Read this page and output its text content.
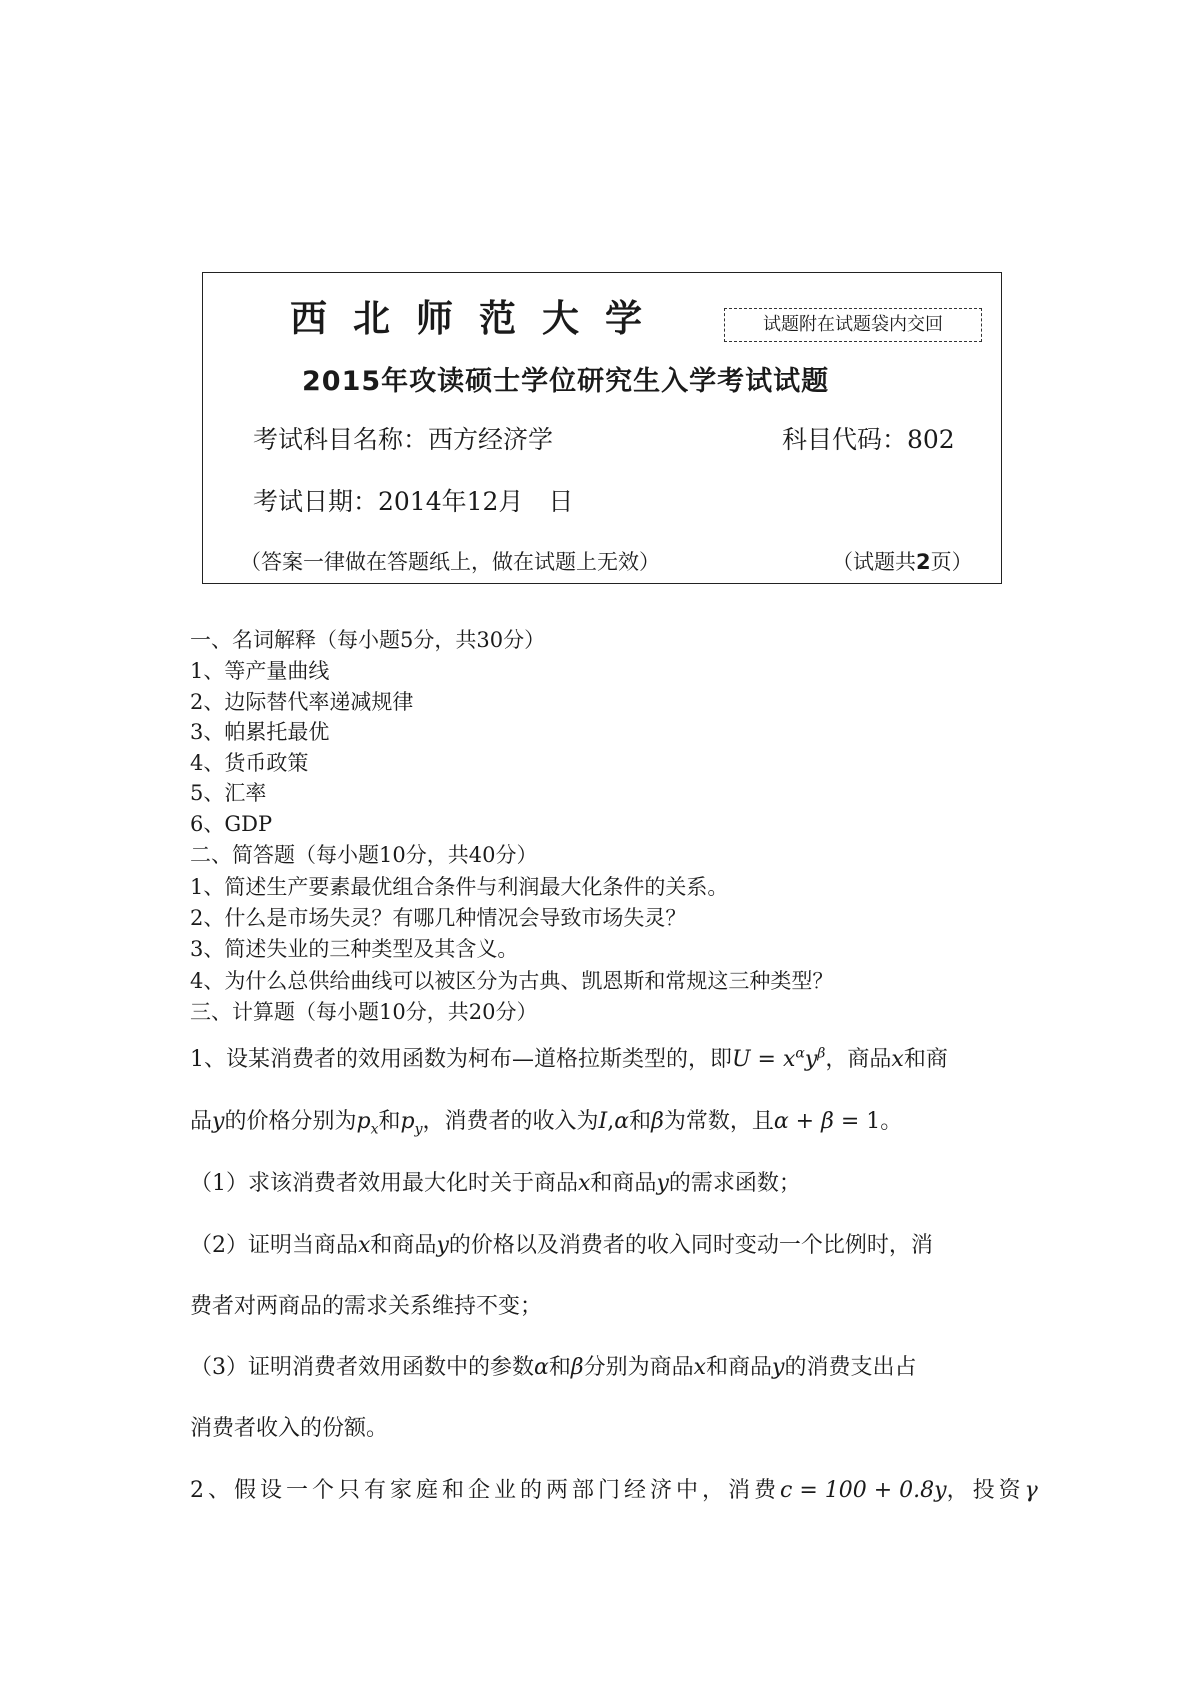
西北师范大学	试题附在试题袋内交回
2015年攻读硕士学位研究生入学考试试题
考试科目名称：西方经济学	科目代码：802
考试日期：2014年12月　日
（答案一律做在答题纸上，做在试题上无效）	（试题共2页）
一、名词解释（每小题5分，共30分）
1、等产量曲线
2、边际替代率递减规律
3、帕累托最优
4、货币政策
5、汇率
6、GDP
二、简答题（每小题10分，共40分）
1、简述生产要素最优组合条件与利润最大化条件的关系。
2、什么是市场失灵？有哪几种情况会导致市场失灵？
3、简述失业的三种类型及其含义。
4、为什么总供给曲线可以被区分为古典、凯恩斯和常规这三种类型？
三、计算题（每小题10分，共20分）
1、设某消费者的效用函数为柯布—道格拉斯类型的，即$U = x^\alpha y^\beta$，商品x和商
品y的价格分别为$p_x$和$p_y$，消费者的收入为I,α和β为常数，且α + β = 1。
（1）求该消费者效用最大化时关于商品x和商品y的需求函数；
（2）证明当商品x和商品y的价格以及消费者的收入同时变动一个比例时，消
费者对两商品的需求关系维持不变；
（3）证明消费者效用函数中的参数α和β分别为商品x和商品y的消费支出占
消费者收入的份额。
2、假设一个只有家庭和企业的两部门经济中，消费c = 100 + 0.8y，投资γ
